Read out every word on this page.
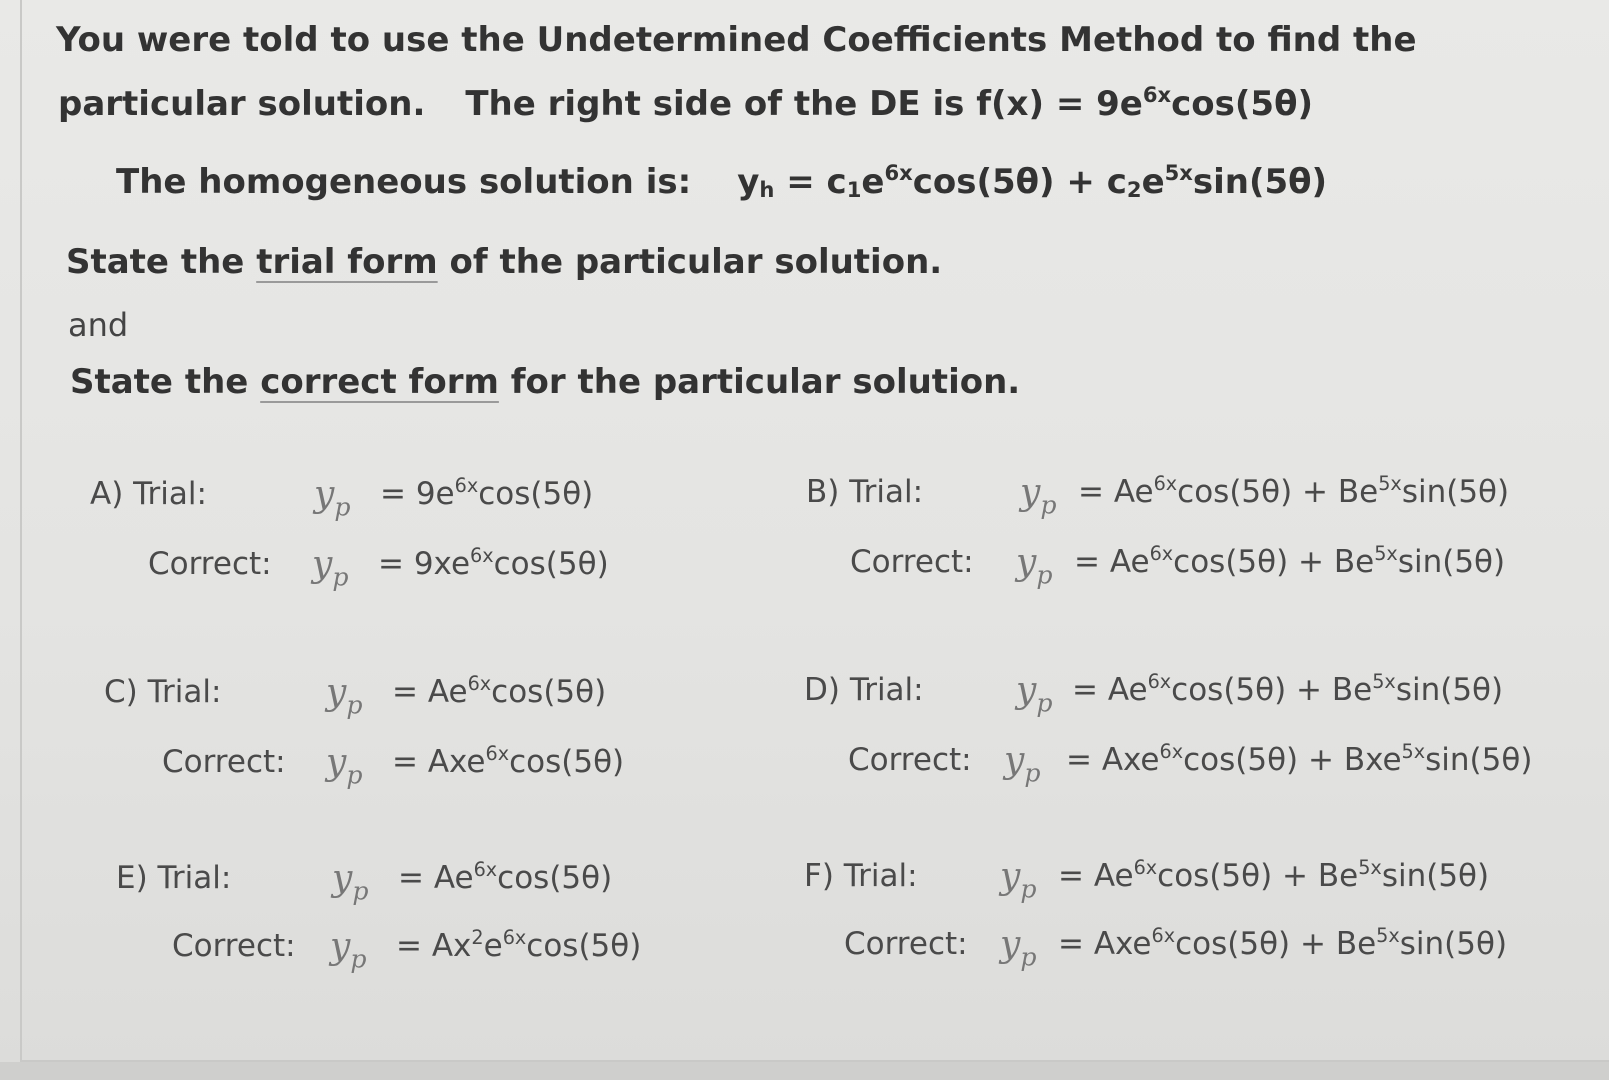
You were told to use the Undetermined Coefficients Method to find the
particular solution. The right side of the DE is $f(x) = 9e^{6x}\cos(5\theta)$
The homogeneous solution is: $y_h = c_1e^{6x}\cos(5\theta) + c_2e^{5x}\sin(5\theta)$
State the trial form of the particular solution.
and
State the correct form for the particular solution.
A) Trial:	$y_p = 9e^{6x}\cos(5\theta)$
Correct: $y_p = 9xe^{6x}\cos(5\theta)$
B) Trial:	$y_p = Ae^{6x}\cos(5\theta) + Be^{5x}\sin(5\theta)$
Correct: $y_p = Ae^{6x}\cos(5\theta) + Be^{5x}\sin(5\theta)$
C) Trial:	$y_p = Ae^{6x}\cos(5\theta)$
Correct: $y_p = Axe^{6x}\cos(5\theta)$
D) Trial:	$y_p = Ae^{6x}\cos(5\theta) + Be^{5x}\sin(5\theta)$
Correct: $y_p = Axe^{6x}\cos(5\theta) + Bxe^{5x}\sin(5\theta)$
E) Trial:	$y_p = Ae^{6x}\cos(5\theta)$
Correct: $y_p = Ax^2e^{6x}\cos(5\theta)$
F) Trial: $y_p = Ae^{6x}\cos(5\theta) + Be^{5x}\sin(5\theta)$
Correct: $y_p = Axe^{6x}\cos(5\theta) + Be^{5x}\sin(5\theta)$
